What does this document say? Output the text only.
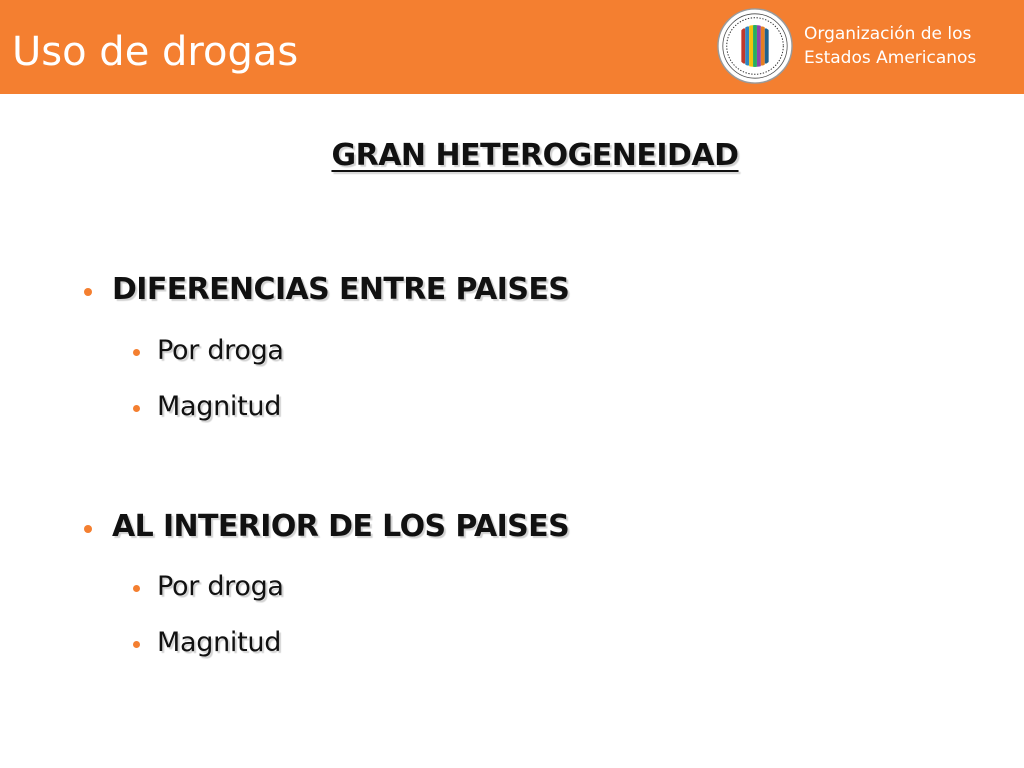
Uso de drogas	Organización de los
Estados Americanos
GRAN HETEROGENEIDAD
DIFERENCIAS ENTRE PAISES
Por droga
Magnitud
AL INTERIOR DE LOS PAISES
Por droga
Magnitud
